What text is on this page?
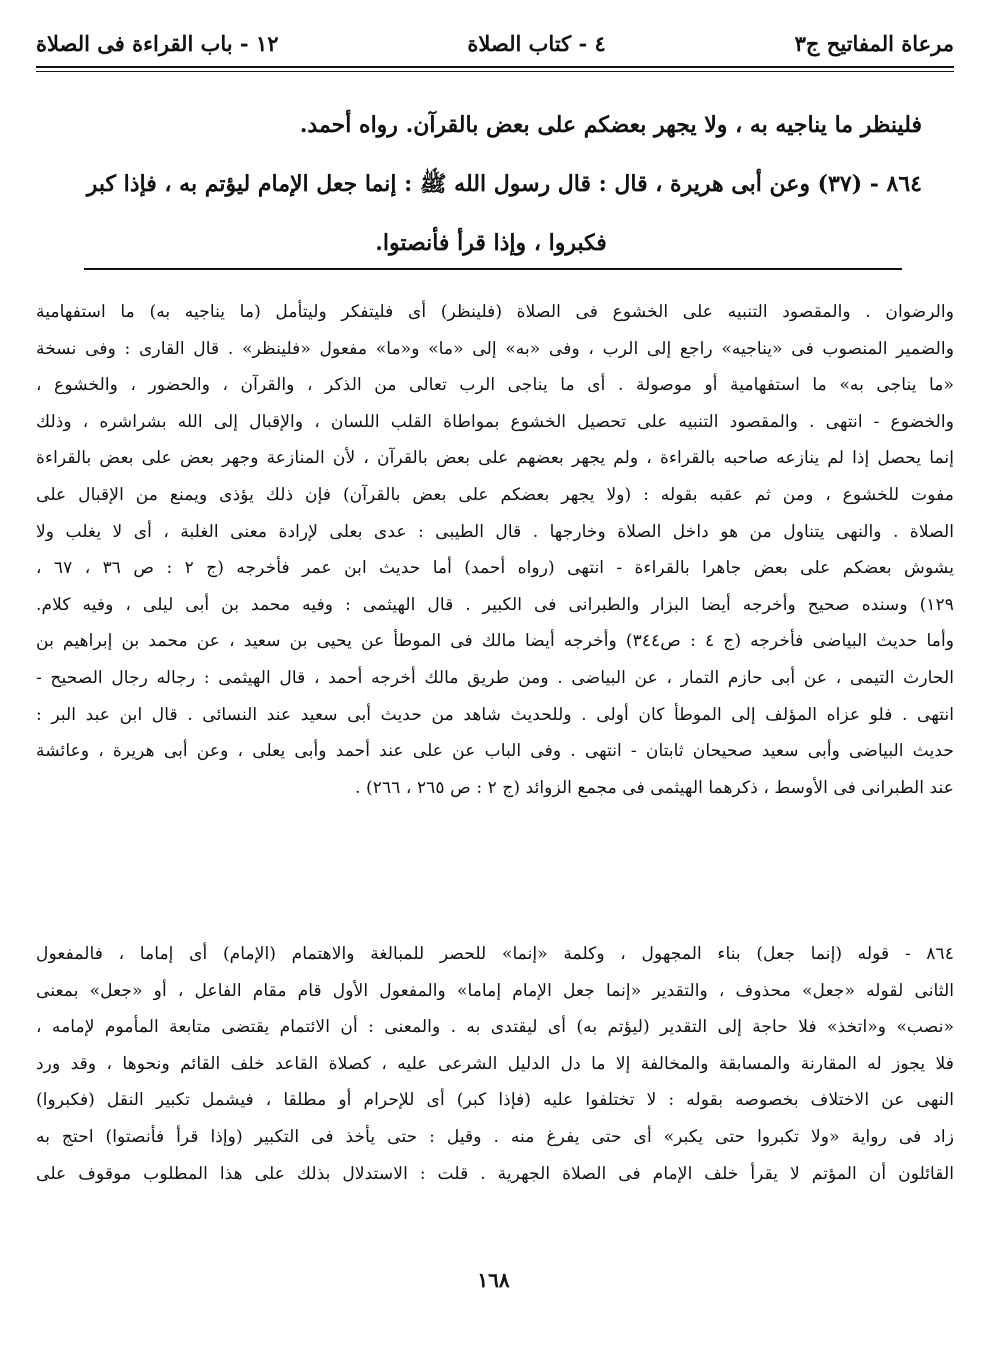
مرعاة المفاتيح ج٣
٤ - كتاب الصلاة
١٢ - باب القراءة فى الصلاة

فلينظر ما يناجيه به ، ولا يجهر بعضكم على بعض بالقرآن. رواه أحمد.

٨٦٤ - (٣٧) وعن أبى هريرة ، قال : قال رسول الله ﷺ : إنما جعل الإمام ليؤتم به ، فإذا كبر

فكبروا ، وإذا قرأ فأنصتوا.

والرضوان . والمقصود التنبيه على الخشوع فى الصلاة (فلينظر) أى فليتفكر وليتأمل (ما يناجيه به) ما استفهامية
والضمير المنصوب فى «يناجيه» راجع إلى الرب ، وفى «به» إلى «ما» و«ما» مفعول «فلينظر» . قال القارى : وفى نسخة
«ما يناجى به» ما استفهامية أو موصولة . أى ما يناجى الرب تعالى من الذكر ، والقرآن ، والحضور ، والخشوع ،
والخضوع - انتهى . والمقصود التنبيه على تحصيل الخشوع بمواطاة القلب اللسان ، والإقبال إلى الله بشراشره ، وذلك
إنما يحصل إذا لم ينازعه صاحبه بالقراءة ، ولم يجهر بعضهم على بعض بالقرآن ، لأن المنازعة وجهر بعض على بعض بالقراءة
مفوت للخشوع ، ومن ثم عقبه بقوله : (ولا يجهر بعضكم على بعض بالقرآن) فإن ذلك يؤذى ويمنع من الإقبال على
الصلاة . والنهى يتناول من هو داخل الصلاة وخارجها . قال الطيبى : عدى بعلى لإرادة معنى الغلبة ، أى لا يغلب ولا
يشوش بعضكم على بعض جاهرا بالقراءة - انتهى (رواه أحمد) أما حديث ابن عمر فأخرجه (ج ٢ : ص ٣٦ ، ٦٧ ،
١٢٩) وسنده صحيح وأخرجه أيضا البزار والطبرانى فى الكبير . قال الهيثمى : وفيه محمد بن أبى ليلى ، وفيه كلام.
وأما حديث البياضى فأخرجه (ج ٤ : ص٣٤٤) وأخرجه أيضا مالك فى الموطأ عن يحيى بن سعيد ، عن محمد بن إبراهيم بن
الحارث التيمى ، عن أبى حازم التمار ، عن البياضى . ومن طريق مالك أخرجه أحمد ، قال الهيثمى : رجاله رجال الصحيح -
انتهى . فلو عزاه المؤلف إلى الموطأ كان أولى . وللحديث شاهد من حديث أبى سعيد عند النسائى . قال ابن عبد البر :
حديث البياضى وأبى سعيد صحيحان ثابتان - انتهى . وفى الباب عن على عند أحمد وأبى يعلى ، وعن أبى هريرة ، وعائشة
عند الطبرانى فى الأوسط ، ذكرهما الهيثمى فى مجمع الزوائد (ج ٢ : ص ٢٦٥ ، ٢٦٦) .
٨٦٤ - قوله (إنما جعل) بناء المجهول ، وكلمة «إنما» للحصر للمبالغة والاهتمام (الإمام) أى إماما ، فالمفعول
الثانى لقوله «جعل» محذوف ، والتقدير «إنما جعل الإمام إماما» والمفعول الأول قام مقام الفاعل ، أو «جعل» بمعنى
«نصب» و«اتخذ» فلا حاجة إلى التقدير (ليؤتم به) أى ليقتدى به . والمعنى : أن الائتمام يقتضى متابعة المأموم لإمامه ،
فلا يجوز له المقارنة والمسابقة والمخالفة إلا ما دل الدليل الشرعى عليه ، كصلاة القاعد خلف القائم ونحوها ، وقد ورد
النهى عن الاختلاف بخصوصه بقوله : لا تختلفوا عليه (فإذا كبر) أى للإحرام أو مطلقا ، فيشمل تكبير النقل (فكبروا)
زاد فى رواية «ولا تكبروا حتى يكبر» أى حتى يفرغ منه . وقيل : حتى يأخذ فى التكبير (وإذا قرأ فأنصتوا) احتج به
القائلون أن المؤتم لا يقرأ خلف الإمام فى الصلاة الجهرية . قلت : الاستدلال بذلك على هذا المطلوب موقوف على
١٦٨
